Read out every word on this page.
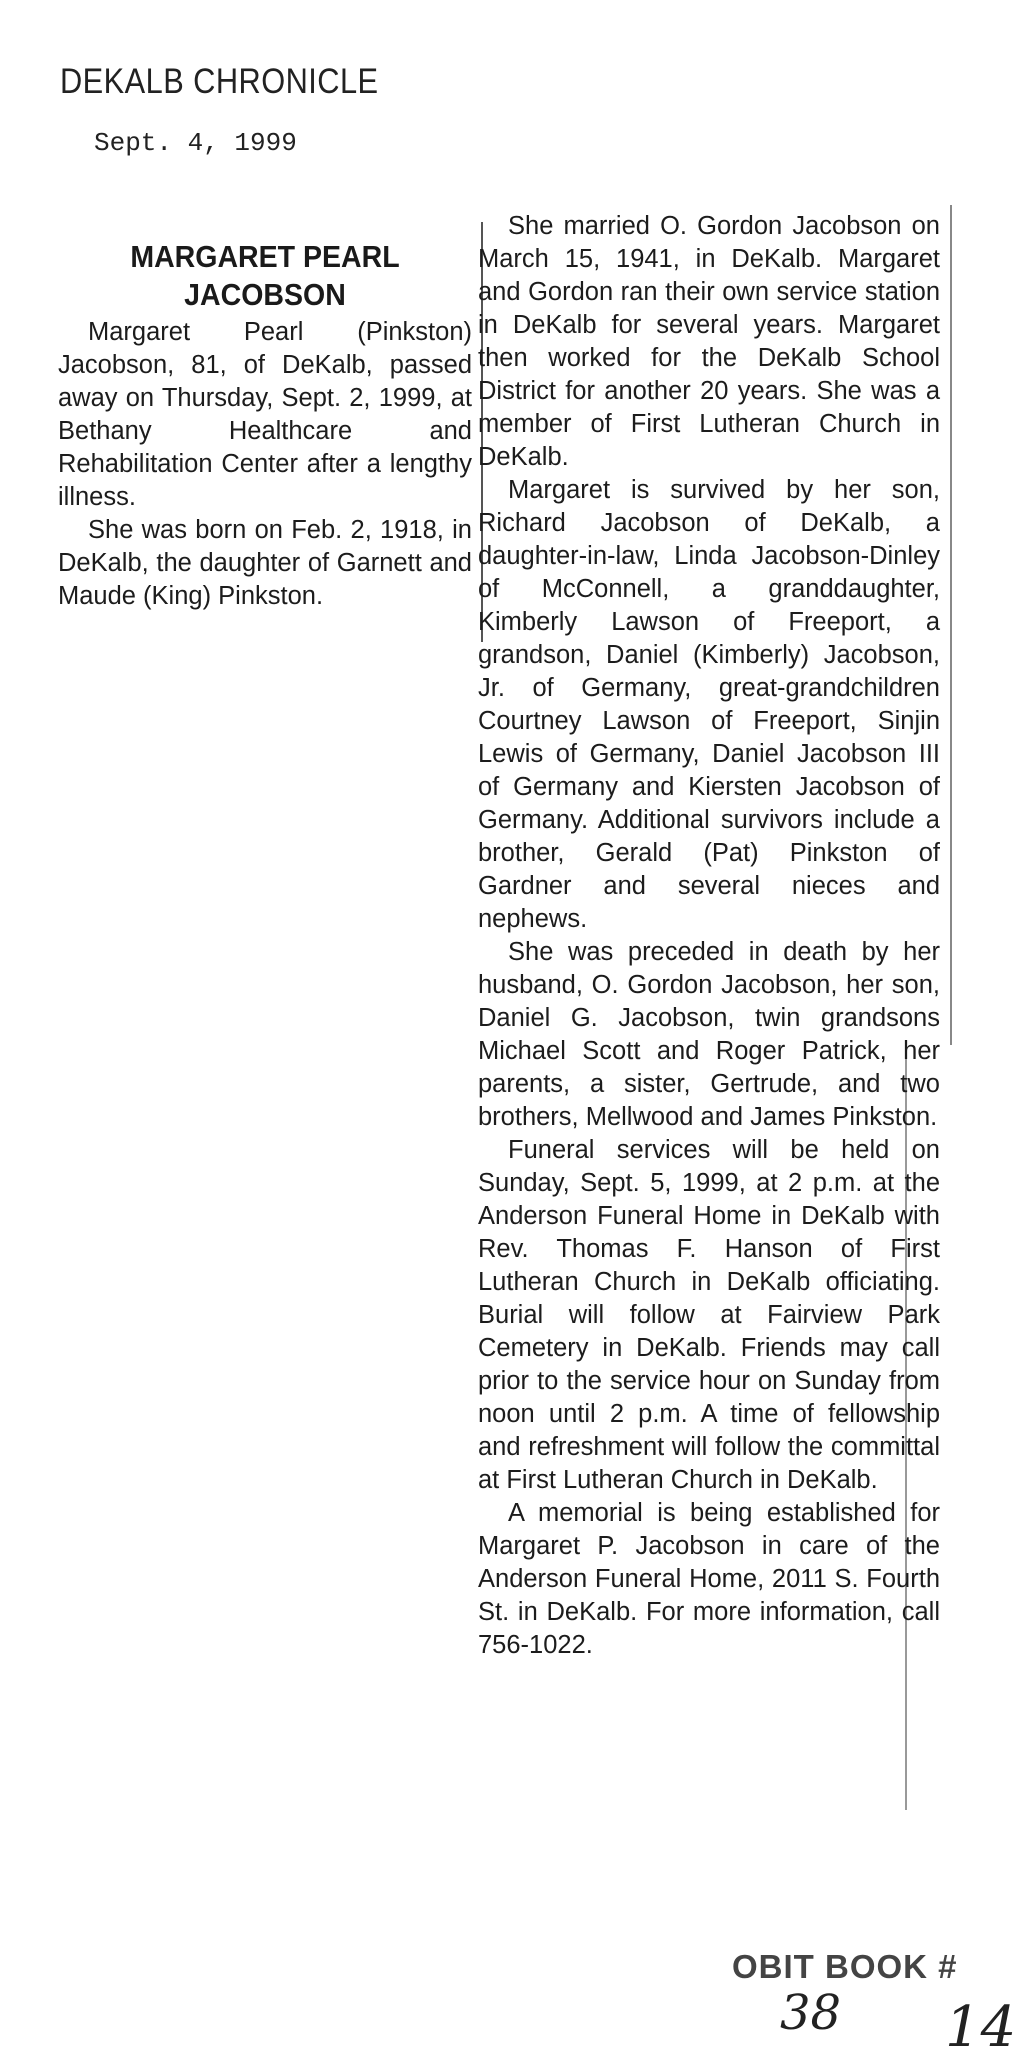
DEKALB CHRONICLE
Sept. 4, 1999
MARGARET PEARL
JACOBSON

Margaret Pearl (Pinkston) Jacobson, 81, of DeKalb, passed away on Thursday, Sept. 2, 1999, at Bethany Healthcare and Rehabilitation Center after a lengthy illness.

She was born on Feb. 2, 1918, in DeKalb, the daughter of Garnett and Maude (King) Pinkston.

She married O. Gordon Jacobson on March 15, 1941, in DeKalb. Margaret and Gordon ran their own service station in DeKalb for several years. Margaret then worked for the DeKalb School District for another 20 years. She was a member of First Lutheran Church in DeKalb.

Margaret is survived by her son, Richard Jacobson of DeKalb, a daughter-in-law, Linda Jacobson-Dinley of McConnell, a granddaughter, Kimberly Lawson of Freeport, a grandson, Daniel (Kimberly) Jacobson, Jr. of Germany, great-grandchildren Courtney Lawson of Freeport, Sinjin Lewis of Germany, Daniel Jacobson III of Germany and Kiersten Jacobson of Germany. Additional survivors include a brother, Gerald (Pat) Pinkston of Gardner and several nieces and nephews.

She was preceded in death by her husband, O. Gordon Jacobson, her son, Daniel G. Jacobson, twin grandsons Michael Scott and Roger Patrick, her parents, a sister, Gertrude, and two brothers, Mellwood and James Pinkston.

Funeral services will be held on Sunday, Sept. 5, 1999, at 2 p.m. at the Anderson Funeral Home in DeKalb with Rev. Thomas F. Hanson of First Lutheran Church in DeKalb officiating. Burial will follow at Fairview Park Cemetery in DeKalb. Friends may call prior to the service hour on Sunday from noon until 2 p.m. A time of fellowship and refreshment will follow the committal at First Lutheran Church in DeKalb.

A memorial is being established for Margaret P. Jacobson in care of the Anderson Funeral Home, 2011 S. Fourth St. in DeKalb. For more information, call 756-1022.

OBIT BOOK #
38 14
